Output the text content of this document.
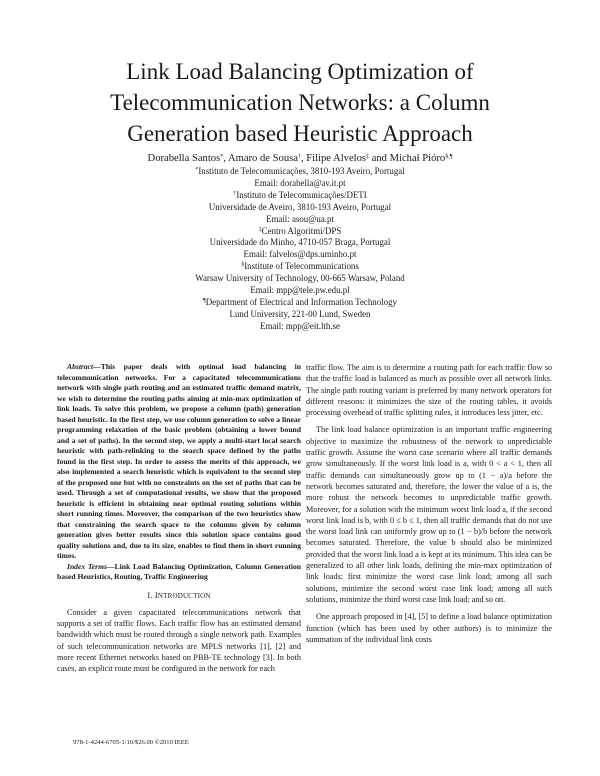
Link Load Balancing Optimization of
Telecommunication Networks: a Column
Generation based Heuristic Approach
Dorabella Santos*, Amaro de Sousa†, Filipe Alvelos‡ and Michał Pióro§,¶
*Instituto de Telecomunicações, 3810-193 Aveiro, Portugal
Email: dorabella@av.it.pt
†Instituto de Telecomunicações/DETI
Universidade de Aveiro, 3810-193 Aveiro, Portugal
Email: asou@ua.pt
‡Centro Algoritmi/DPS
Universidade do Minho, 4710-057 Braga, Portugal
Email: falvelos@dps.uminho.pt
§Institute of Telecommunications
Warsaw University of Technology, 00-665 Warsaw, Poland
Email: mpp@tele.pw.edu.pl
¶Department of Electrical and Information Technology
Lund University, 221-00 Lund, Sweden
Email: mpp@eit.lth.se

Abstract—This paper deals with optimal load balancing in telecommunication networks. For a capacitated telecommunications network with single path routing and an estimated traffic demand matrix, we wish to determine the routing paths aiming at min-max optimization of link loads. To solve this problem, we propose a column (path) generation based heuristic. In the first step, we use column generation to solve a linear programming relaxation of the basic problem (obtaining a lower bound and a set of paths). In the second step, we apply a multi-start local search heuristic with path-relinking to the search space defined by the paths found in the first step. In order to assess the merits of this approach, we also implemented a search heuristic which is equivalent to the second step of the proposed one but with no constraints on the set of paths that can be used. Through a set of computational results, we show that the proposed heuristic is efficient in obtaining near optimal routing solutions within short running times. Moreover, the comparison of the two heuristics show that constraining the search space to the columns given by column generation gives better results since this solution space contains good quality solutions and, due to its size, enables to find them in short running times.

Index Terms—Link Load Balancing Optimization, Column Generation based Heuristics, Routing, Traffic Engineering

I. INTRODUCTION

Consider a given capacitated telecommunications network that supports a set of traffic flows. Each traffic flow has an estimated demand bandwidth which must be routed through a single network path. Examples of such telecommunication networks are MPLS networks [1], [2] and more recent Ethernet networks based on PBB-TE technology [3]. In both cases, an explicit route must be configured in the network for each

traffic flow. The aim is to determine a routing path for each traffic flow so that the traffic load is balanced as much as possible over all network links. The single path routing variant is preferred by many network operators for different reasons: it minimizes the size of the routing tables, it avoids processing overhead of traffic splitting rules, it introduces less jitter, etc.

The link load balance optimization is an important traffic engineering objective to maximize the robustness of the network to unpredictable traffic growth. Assume the worst case scenario where all traffic demands grow simultaneously. If the worst link load is a, with 0 < a < 1, then all traffic demands can simultaneously grow up to (1 − a)/a before the network becomes saturated and, therefore, the lower the value of a is, the more robust the network becomes to unpredictable traffic growth. Moreover, for a solution with the minimum worst link load a, if the second worst link load is b, with 0 ≤ b ≤ 1, then all traffic demands that do not use the worst load link can uniformly grow up to (1 − b)/b before the network becomes saturated. Therefore, the value b should also be minimized provided that the worst link load a is kept at its minimum. This idea can be generalized to all other link loads, defining the min-max optimization of link loads: first minimize the worst case link load; among all such solutions, minimize the second worst case link load; among all such solutions, minimize the third worst case link load; and so on.

One approach proposed in [4], [5] to define a load balance optimization function (which has been used by other authors) is to minimize the summation of the individual link costs

978-1-4244-6705-1/10/$26.00 ©2010 IEEE
